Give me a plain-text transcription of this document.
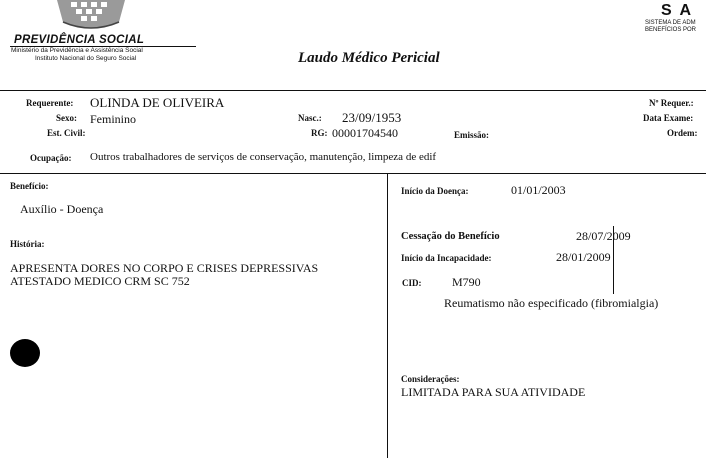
PREVIDÊNCIA SOCIAL
Ministério da Previdência e Assistência Social
Instituto Nacional do Seguro Social	Laudo Médico Pericial
S A
SISTEMA DE ADM
BENEFÍCIOS POR
Requerente: OLINDA DE OLIVEIRA
Sexo: Feminino
Est. Civil:
Nasc.: 23/09/1953
RG: 00001704540	Emissão:
Nº Requer.:
Data Exame:
Ordem:
Ocupação: Outros trabalhadores de serviços de conservação, manutenção, limpeza de edif
Benefício:
Auxílio - Doença
História:
APRESENTA DORES NO CORPO E CRISES DEPRESSIVAS
ATESTADO MEDICO CRM SC 752
Início da Doença:	01/01/2003
Cessação do Benefício	28/07/2009
Início da Incapacidade:	28/01/2009
CID:	M790
Reumatismo não especificado (fibromialgia)
Considerações:
LIMITADA PARA SUA ATIVIDADE
